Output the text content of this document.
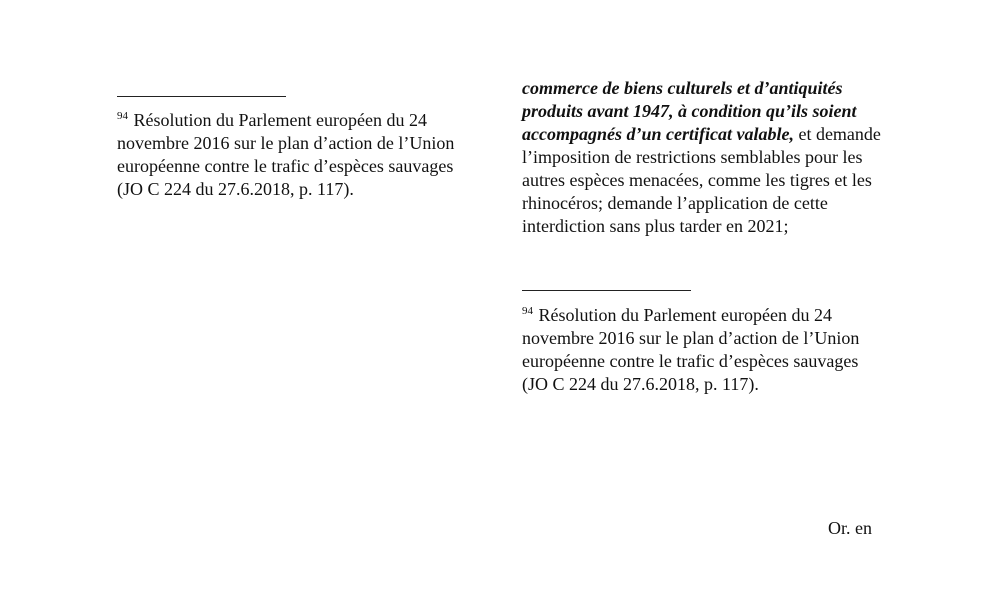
$^{94}$ Résolution du Parlement européen du 24 novembre 2016 sur le plan d’action de l’Union européenne contre le trafic d’espèces sauvages (JO C 224 du 27.6.2018, p. 117).

commerce de biens culturels et d’antiquités produits avant 1947, à condition qu’ils soient accompagnés d’un certificat valable, et demande l’imposition de restrictions semblables pour les autres espèces menacées, comme les tigres et les rhinocéros; demande l’application de cette interdiction sans plus tarder en 2021;

$^{94}$ Résolution du Parlement européen du 24 novembre 2016 sur le plan d’action de l’Union européenne contre le trafic d’espèces sauvages (JO C 224 du 27.6.2018, p. 117).

Or. en
